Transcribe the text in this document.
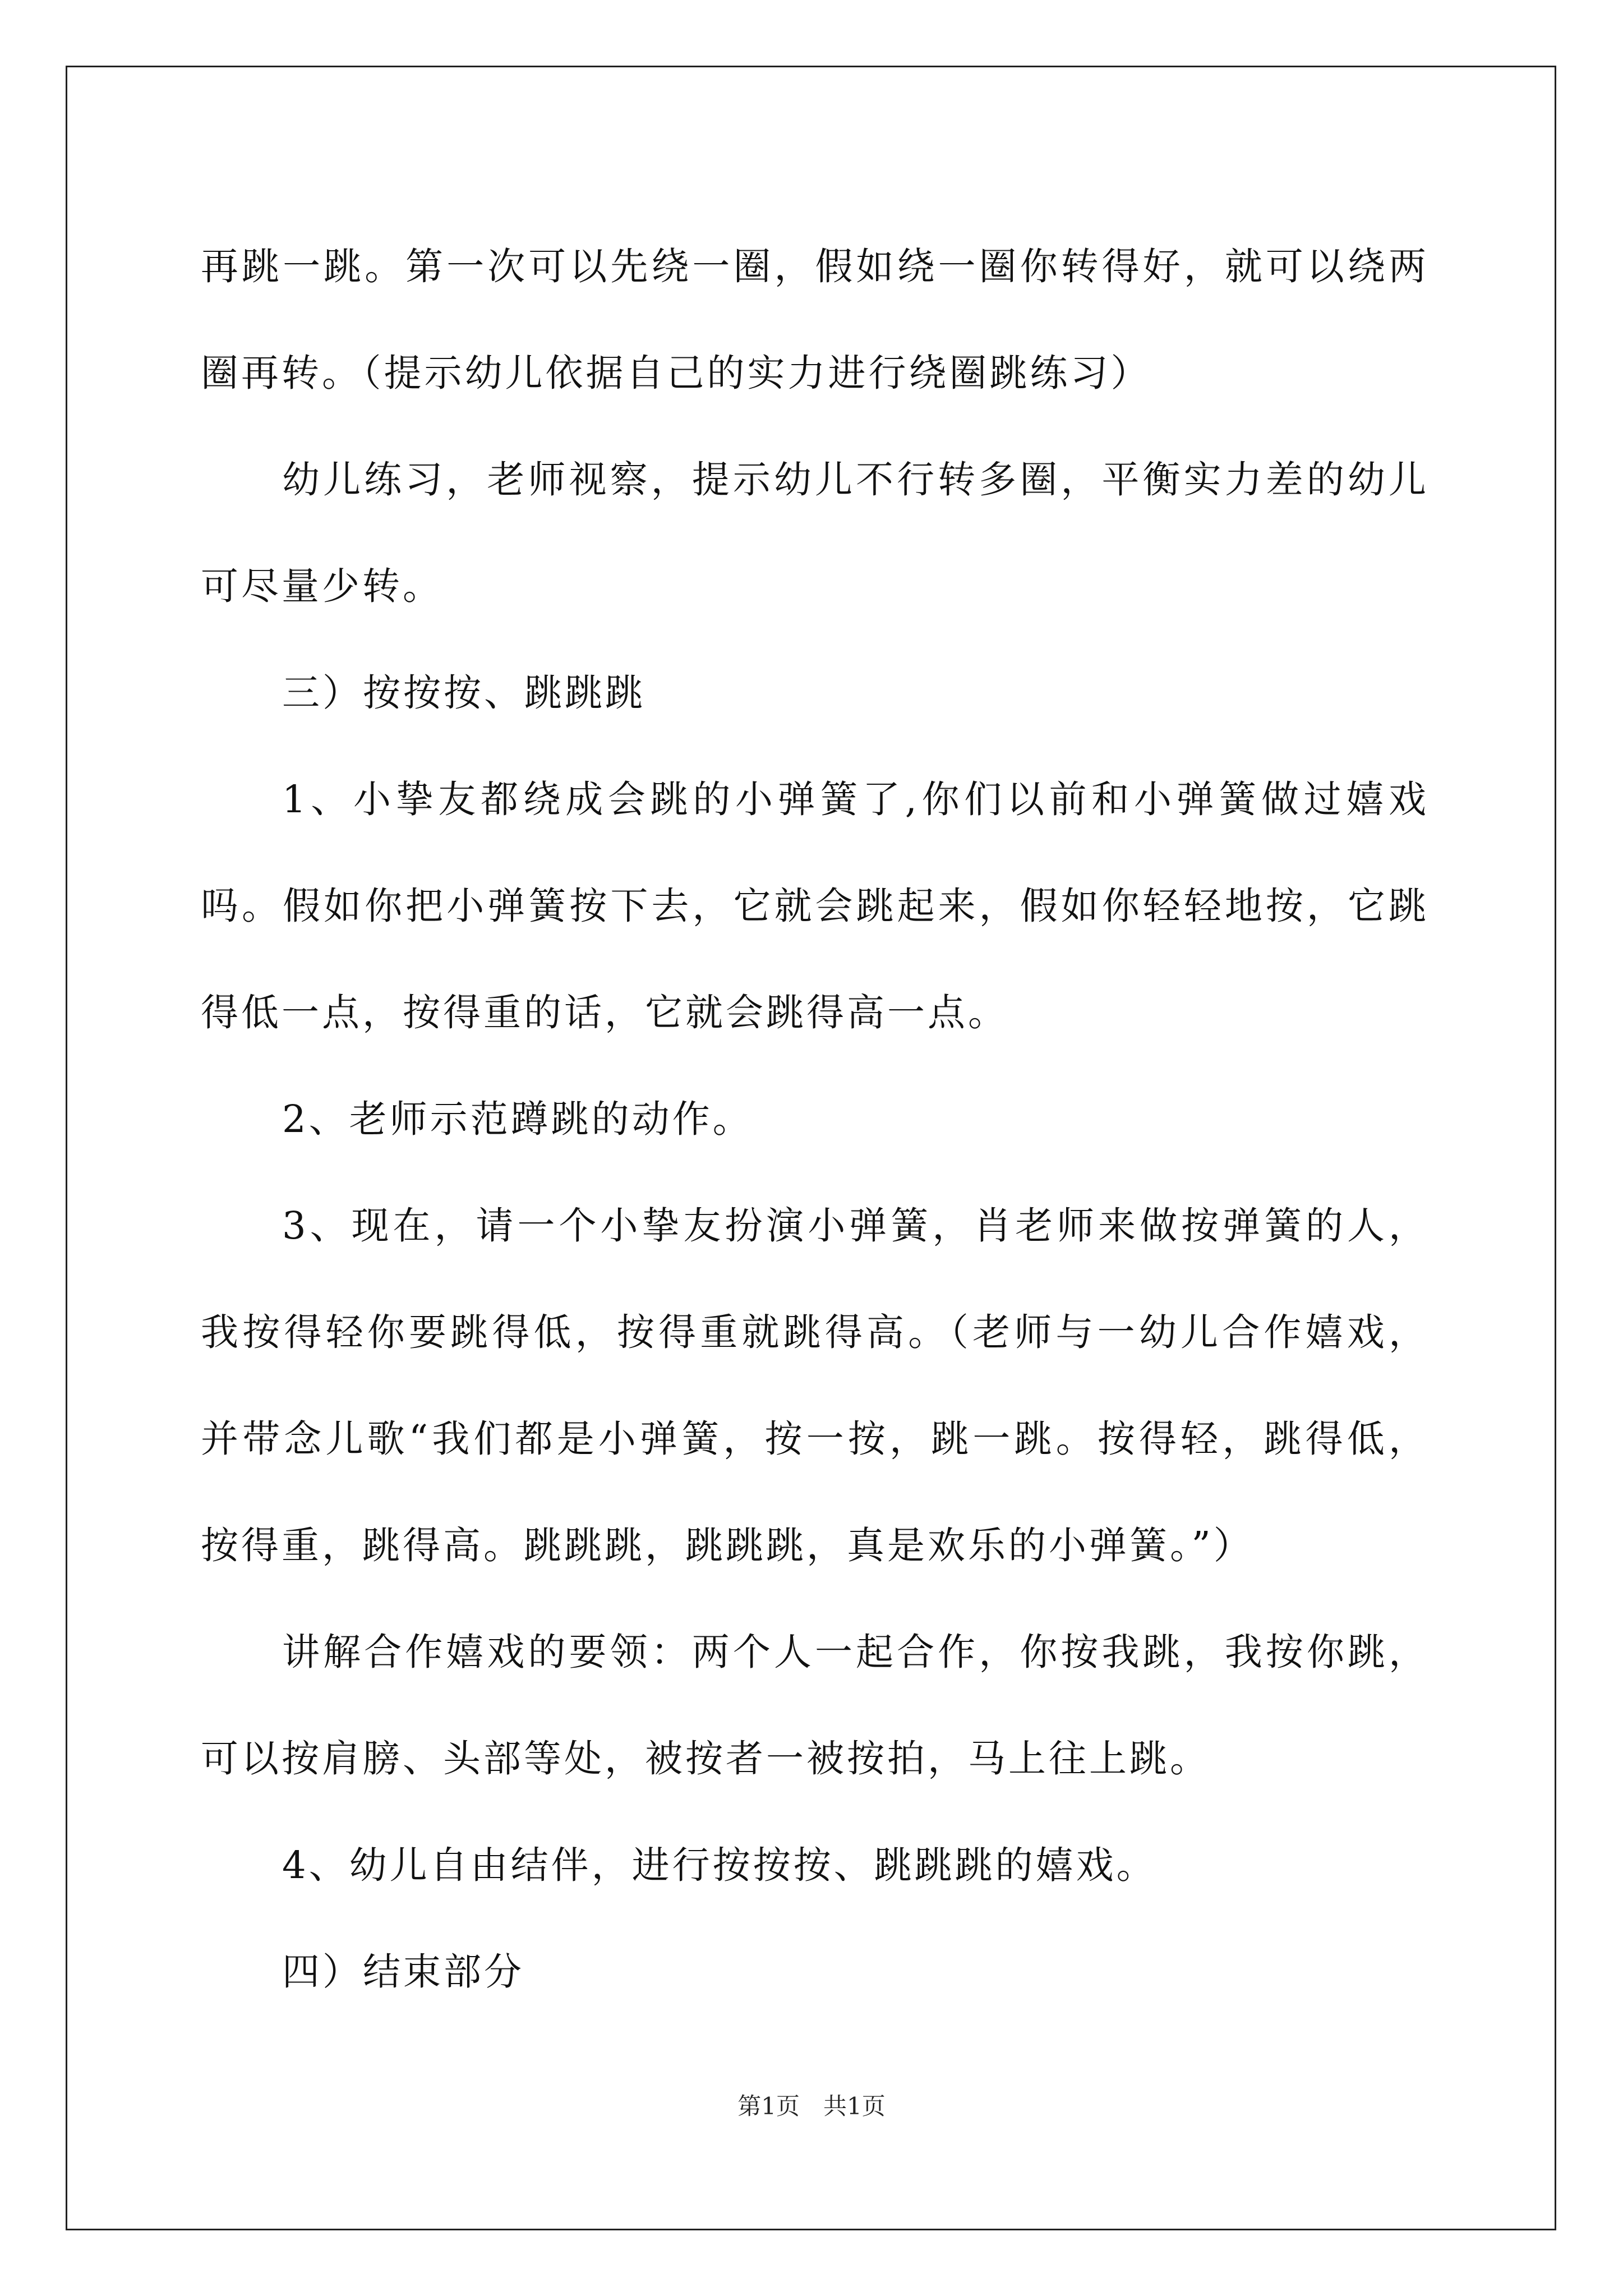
再跳一跳。第一次可以先绕一圈，假如绕一圈你转得好，就可以绕两圈再转。（提示幼儿依据自己的实力进行绕圈跳练习）

幼儿练习，老师视察，提示幼儿不行转多圈，平衡实力差的幼儿可尽量少转。

三）按按按、跳跳跳

1、小挚友都绕成会跳的小弹簧了,你们以前和小弹簧做过嬉戏吗。假如你把小弹簧按下去，它就会跳起来，假如你轻轻地按，它跳得低一点，按得重的话，它就会跳得高一点。

2、老师示范蹲跳的动作。

3、现在，请一个小挚友扮演小弹簧，肖老师来做按弹簧的人，我按得轻你要跳得低，按得重就跳得高。（老师与一幼儿合作嬉戏，并带念儿歌“我们都是小弹簧，按一按，跳一跳。按得轻，跳得低，按得重，跳得高。跳跳跳，跳跳跳，真是欢乐的小弹簧。”）

讲解合作嬉戏的要领：两个人一起合作，你按我跳，我按你跳，可以按肩膀、头部等处，被按者一被按拍，马上往上跳。

4、幼儿自由结伴，进行按按按、跳跳跳的嬉戏。

四）结束部分

第1页　共1页
